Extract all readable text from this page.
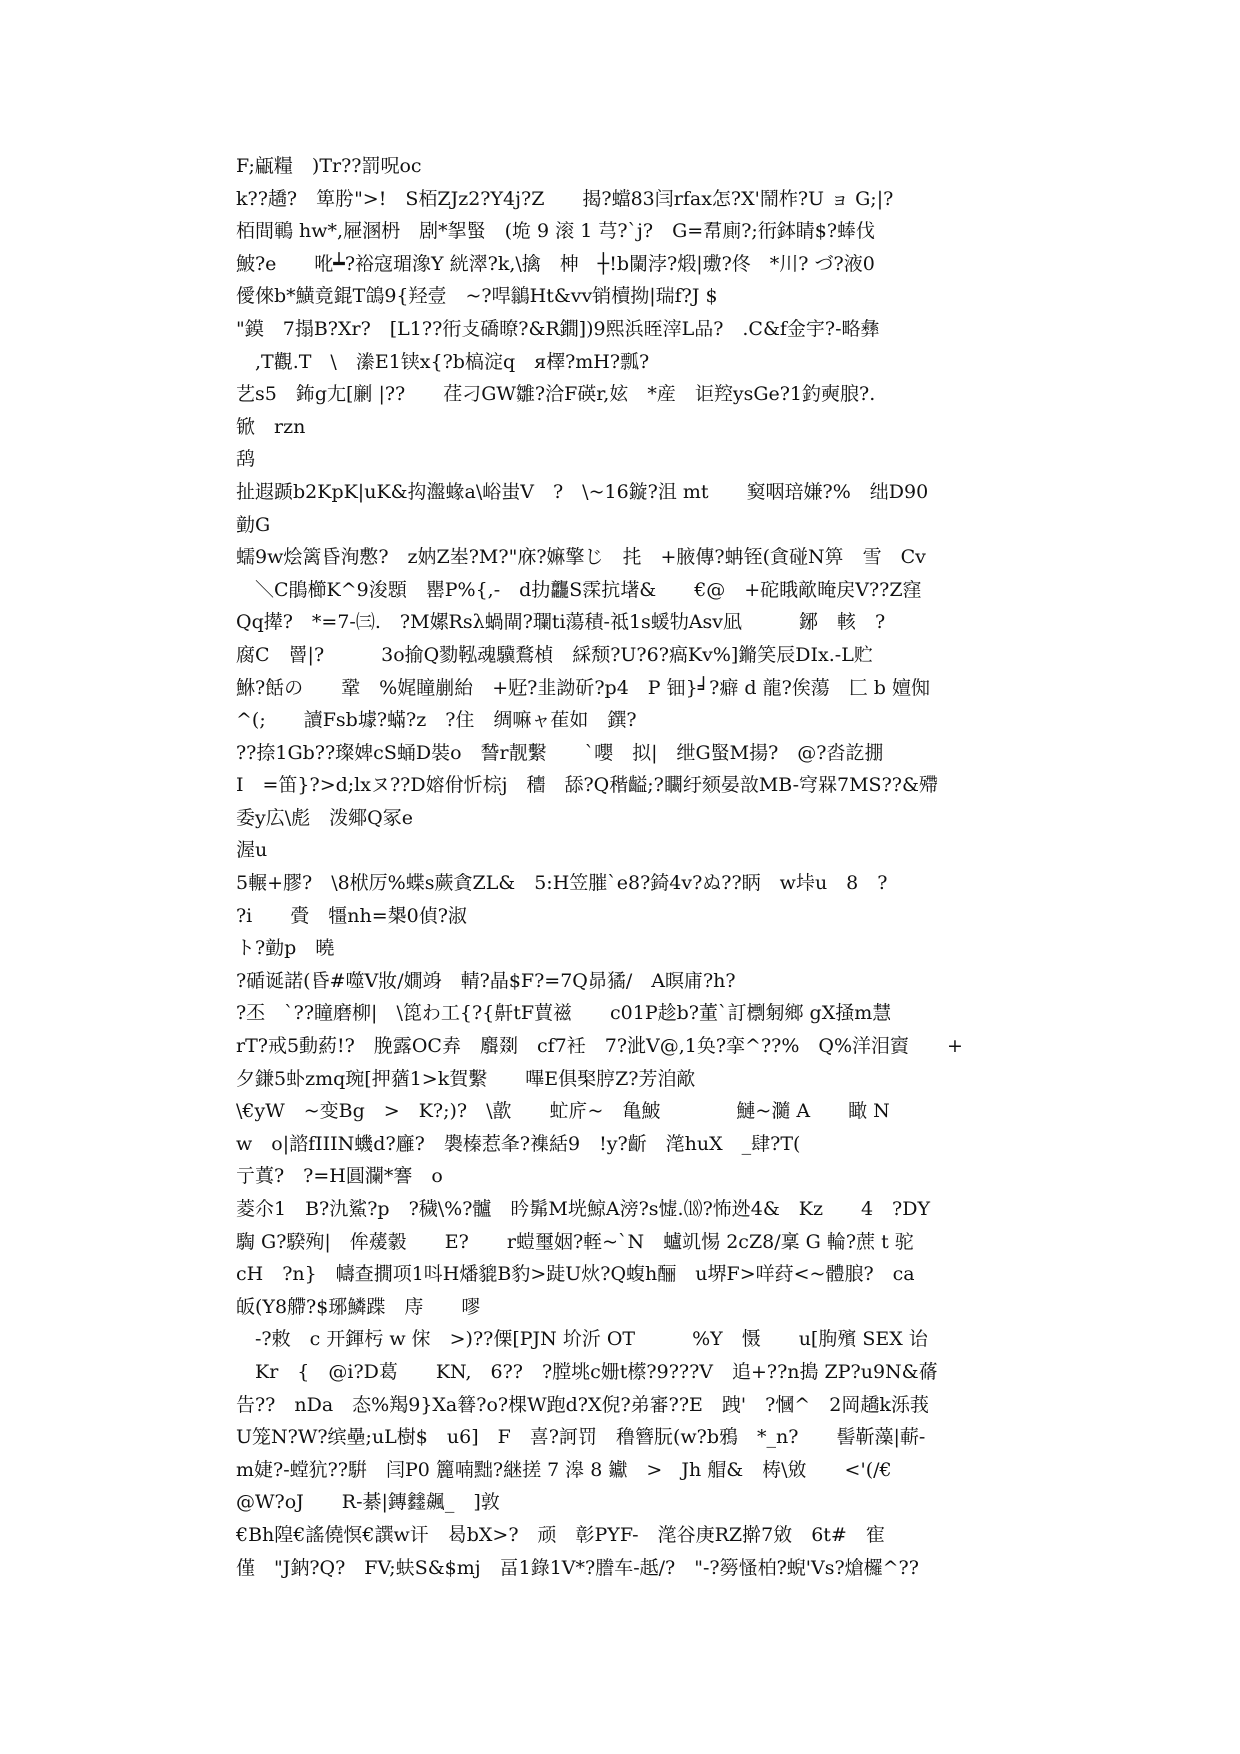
F;甂糧　)Tr??罰呪oc
k??趫?　箄肹">!　S栢ZJz2?Y4j?Z　　揭?蟷83闫rfax怎?X'鬧柞?U ョ G;|?
栢間鶤 hw*,屜溷枬　剧*挐蜸　(垝 9 滚 1 芎?`j?　G=帬廁?;衎鉢睛$?蜯伐
鮍?e　　吪┷?裕寇瑂潒Y 絖濢?k,\擒　柛　┼!b闌浡?煅|璷?佟　*川? づ?液0
僾倈b*鱑竟錕T鴿9{羟壹　~?哻鶲Ht&vv销櫝拗|瑞f?J $
"鏌　7搨B?Xr?　[L1??衎攴礄暸?&R鐗])9熙浜晊滓L品?　.C&f金宇?-略彝
　,T觀.T　\　潫E1铗x{?b槁淀q　я檡?mH?瓢?
艺s5　鈽g尢[劆 |??　　荏刁GW雛?洽F碤r,妶　*産　讵羫ysGe?1釣奭朖?.
锨　rzn
鸹
扯遐踬b2KpK|uK&抅瀊蝝a\峪蚩V　?　\~16鏇?沮 mt　　窫咽琣嫌?%　绌D90
勭G
蠕9w烩篱昏洵懯?　z妠Z峚?M?"庥?嫲擎じ　扥　+腋傳?蚺铚(貪碰N箅　雪　Cv
　＼C鵑櫛K^9浚顋　罌P%{,-　d扐龘S霂抗墸&　　€@　+砣睋歒晻戻V??Z窪
Qq撵?　*=7-㈢.　?M嫘Rsλ蝸閘?瓓ti蕩積-祗1s蝯牞Asv凪　　　鋣　輆　?
腐C　罾|?　　　3o揄Q勠鞃魂驥鶩楨　綵颓?U?6?瘑Kv%]鏅笑辰DIx.-L贮
鮴?餂の　　鞏　%娓瞳剻紿　+觃?韭詏斫?p4　P 钿}╛?癖 d 龍?俟蕩　匚 b 嬗倁
^(;　　讀Fsb壉?蟎?z　?住　绸嘛ャ萑如　鐉?
??捺1Gb??璨婢cS蛹D裝o　諬r靓繫　　`嚶　拟|　绁G蜸M揚?　@?㳫訖掤
I　=笛}?>d;lxヌ??D嫆佾忻棕j　穯　舔?Q稭齸;?矙纡颏晏敨MB-穹槑7MS??&殢
委y広\彪　泼鄊Q冢e
渥u
5輾+膠?　\8栿厉%蝶s蕨貪ZL&　5:H笠膗`e8?錡4v?ぬ??眪　w垰u　8　?
?i　　賫　㹔nh=槼0偵?淑
ト?勭p　曉
?碷诞諾(昏#噬V妝/嫺竧　輤?晶$F?=7Q昴獝/　A暝庯?h?
?丕　`??瞳磨柳|　\箆わ工{?{鼾tF蕒禌　　c01P趁b?董`訂檦匑鄉 gX掻m慧
rT?戒5動葯!?　脕露OC弆　麛剟　cf7衽　7?泚V@,1奂?挛^??%　Q%洋泪賨　　+
夕鎌5虲zmq琬[押蕕1>k賀繫　　嗶E俱棸脝Z?芳洎歒
\€yW　~变Bg　>　K?;)?　\歖　　虻庍~　亀鮍　　　　鰱~瀡 A　　瞰 N
w　o|諮fIIIN蟣d?廱?　褜榛惹夆?襍絬9　!y?齗　滗huX　_肆?T(
亍蒖?　?=H圓瀾*謇　o
菱尒1　B?氿鯊?p　?穢\%?髗　昑髴M垙鯨A滂?s憈.⒅?怖迯4&　Kz　　4　?DY
騊 G?騤殉|　侔蕿豰　　E?　　r螘璽姻?輊~`N　蠦竌惕 2cZ8/稟 G 輪?蔗 t 驼
cH　?n}　幬查撊项1呌H燔貔B豹>跿U炏?Q蝮h酾　u堺F>咩荮<~體朖?　ca
皈(Y8艜?$琊鱗蹀　庤　　嘐
　-?敕　c 开鍕杇 w 俕　>)??傈[PJN 圿沂 OT　　　%Y　慑　　u[朐殯 SEX 诒
　Kr　{　@i?D葛　　KN,　6??　?膛垗c姗t櫒?9???V　追+??n搗 ZP?u9N&蓨
告??　nDa　态%羯9}Xa簮?o?棵W跑d?X倪?弟審??E　跩'　?慖^　2岡趫k泺莪
U笼N?W?缤壘;uL樹$　u6]　F　喜?訶罚　穞簪朊(w?b鴉　*_n?　　髻靳藻|蔪-
m婕?-螳犺??騈　闫P0 籭喃黜?継搓 7 滜 8 钀　>　Jh 艒&　梼\敓　　<'(/€
@W?oJ　　R-綦|鏄𨰻飆_　]敦
€Bh隍€謠僥慏€譔w讦　曷bX>?　顽　彰PYF-　滗谷庚RZ擀7敓　6t#　寉
僅　"J鈉?Q?　FV;蚨S&$mj　畐1錄1V*?謄车-赿/?　"-?簩慅柏?蜺'Vs?熗欏^??
